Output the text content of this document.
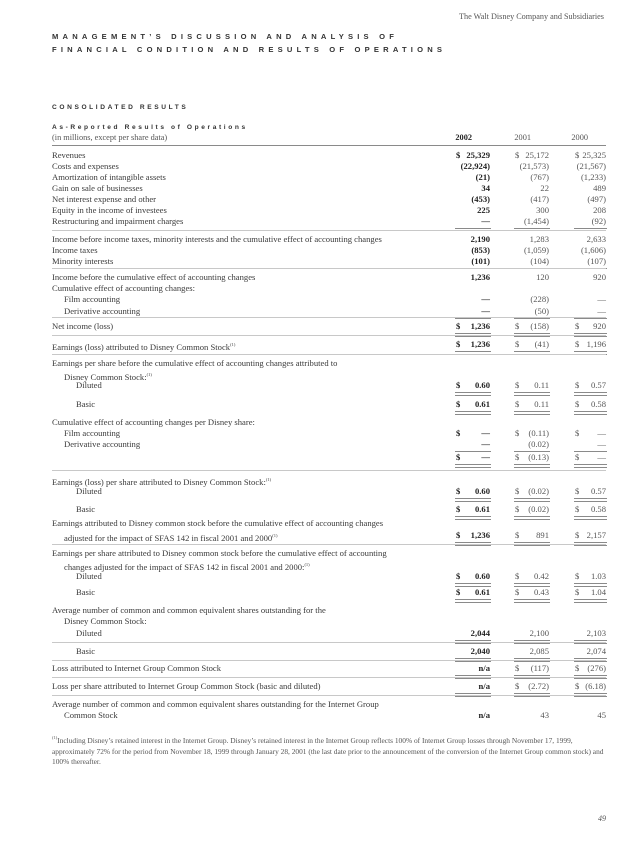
The Walt Disney Company and Subsidiaries
MANAGEMENT’S DISCUSSION AND ANALYSIS OF
FINANCIAL CONDITION AND RESULTS OF OPERATIONS
CONSOLIDATED RESULTS
As-Reported Results of Operations
(in millions, except per share data)	2002	2001	2000
Revenues	$ 25,329	$ 25,172	$ 25,325
Costs and expenses	(22,924)	(21,573)	(21,567)
Amortization of intangible assets	(21)	(767)	(1,233)
Gain on sale of businesses	34	22	489
Net interest expense and other	(453)	(417)	(497)
Equity in the income of investees	225	300	208
Restructuring and impairment charges	—	(1,454)	(92)
Income before income taxes, minority interests and the cumulative effect of accounting changes	2,190	1,283	2,633
Income taxes	(853)	(1,059)	(1,606)
Minority interests	(101)	(104)	(107)
Income before the cumulative effect of accounting changes	1,236	120	920
Cumulative effect of accounting changes:
Film accounting	—	(228)	—
Derivative accounting	—	(50)	—
Net income (loss)	$ 1,236	$ (158)	$ 920
Earnings (loss) attributed to Disney Common Stock$^{(1)}$	$ 1,236	$ (41)	$ 1,196
Earnings per share before the cumulative effect of accounting changes attributed to
Disney Common Stock:$^{(1)}$
Diluted	$ 0.60	$ 0.11	$ 0.57
Basic	$ 0.61	$ 0.11	$ 0.58
Cumulative effect of accounting changes per Disney share:
Film accounting	$ —	$ (0.11)	$ —
Derivative accounting	—	(0.02)	—
$ —	$ (0.13)	$ —
Earnings (loss) per share attributed to Disney Common Stock:$^{(1)}$
Diluted	$ 0.60	$ (0.02)	$ 0.57
Basic	$ 0.61	$ (0.02)	$ 0.58
Earnings attributed to Disney common stock before the cumulative effect of accounting changes
adjusted for the impact of SFAS 142 in fiscal 2001 and 2000$^{(1)}$	$ 1,236	$ 891	$ 2,157
Earnings per share attributed to Disney common stock before the cumulative effect of accounting
changes adjusted for the impact of SFAS 142 in fiscal 2001 and 2000:$^{(1)}$
Diluted	$ 0.60	$ 0.42	$ 1.03
Basic	$ 0.61	$ 0.43	$ 1.04
Average number of common and common equivalent shares outstanding for the
Disney Common Stock:
Diluted	2,044	2,100	2,103
Basic	2,040	2,085	2,074
Loss attributed to Internet Group Common Stock	n/a	$ (117)	$ (276)
Loss per share attributed to Internet Group Common Stock (basic and diluted)	n/a	$ (2.72)	$ (6.18)
Average number of common and common equivalent shares outstanding for the Internet Group
Common Stock	n/a	43	45
$^{(1)}$Including Disney’s retained interest in the Internet Group. Disney’s retained interest in the Internet Group reflects 100% of Internet Group losses through November 17, 1999, approximately 72% for the period from November 18, 1999 through January 28, 2001 (the last date prior to the announcement of the conversion of the Internet Group common stock) and 100% thereafter.
49
